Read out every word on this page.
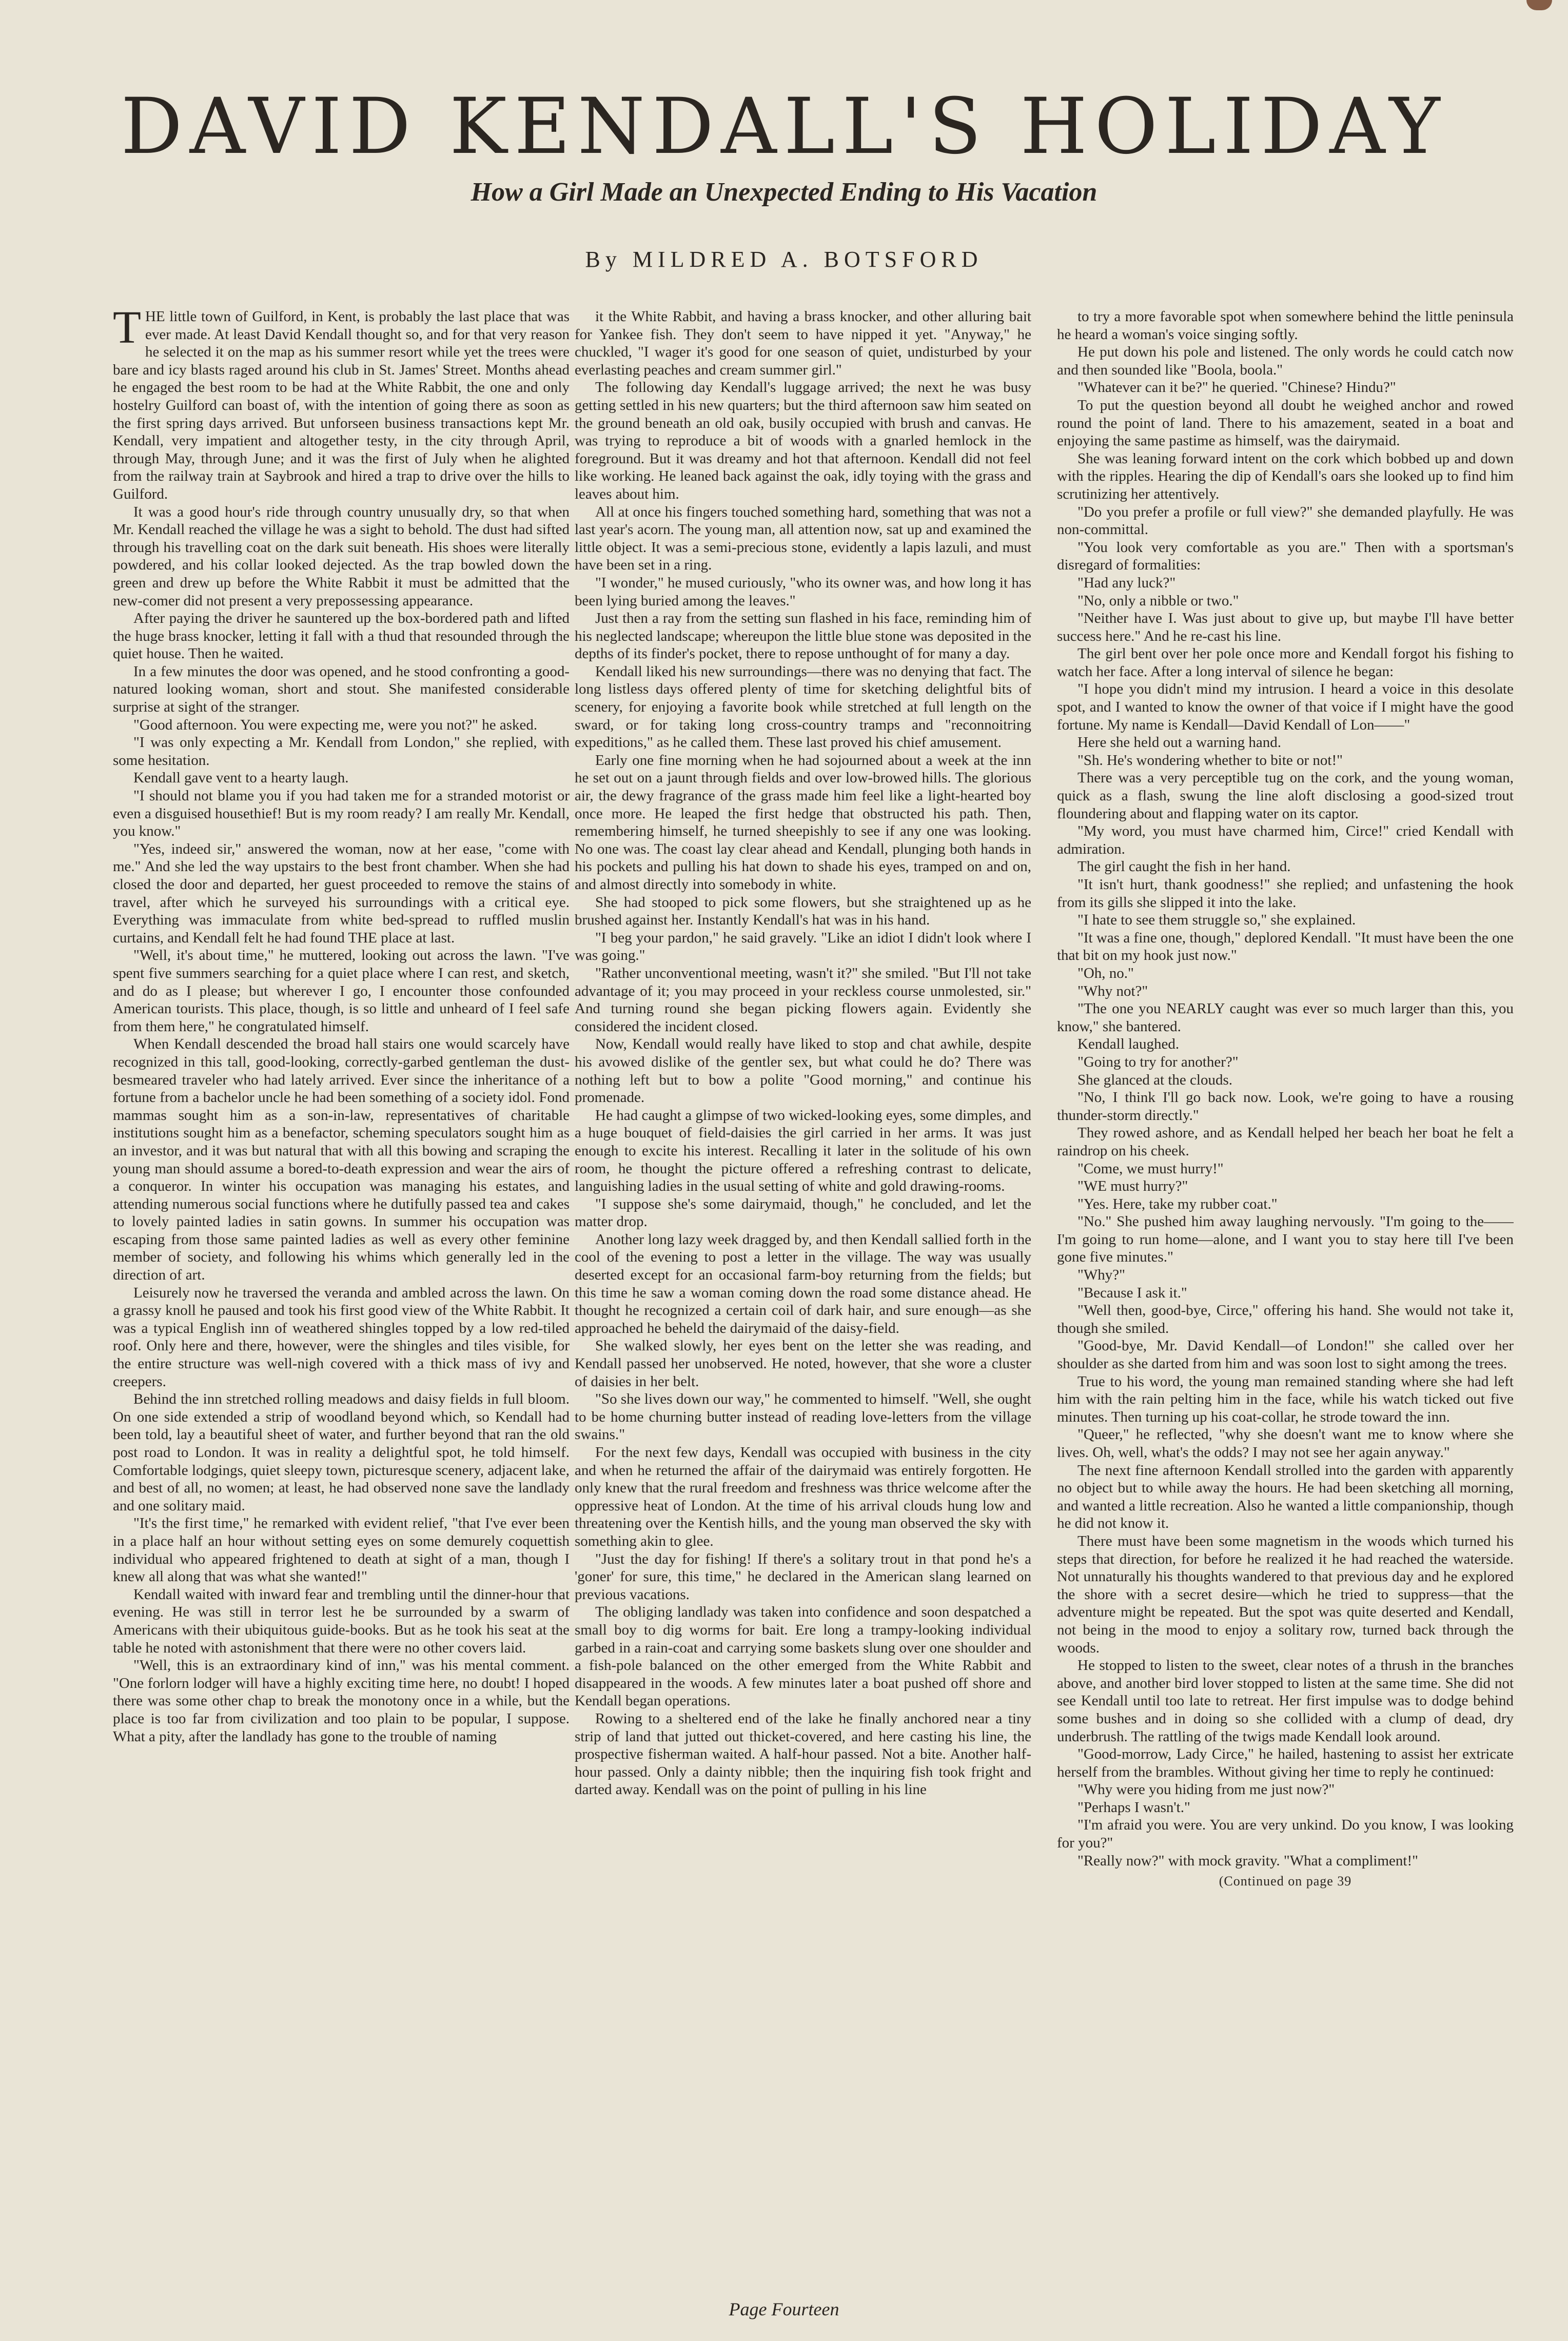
DAVID KENDALL'S HOLIDAY
How a Girl Made an Unexpected Ending to His Vacation
By MILDRED A. BOTSFORD
T HE little town of Guilford, in Kent, is probably the last place that was ever made. At least David Kendall thought so, and for that very reason he selected it on the map as his summer resort while yet the trees were bare and icy blasts raged around his club in St. James' Street. Months ahead he engaged the best room to be had at the White Rabbit, the one and only hostelry Guilford can boast of, with the intention of going there as soon as the first spring days arrived. But unforseen business transactions kept Mr. Kendall, very impatient and altogether testy, in the city through April, through May, through June; and it was the first of July when he alighted from the railway train at Saybrook and hired a trap to drive over the hills to Guilford.

It was a good hour's ride through country unusually dry, so that when Mr. Kendall reached the village he was a sight to behold. The dust had sifted through his travelling coat on the dark suit beneath. His shoes were literally powdered, and his collar looked dejected. As the trap bowled down the green and drew up before the White Rabbit it must be admitted that the new-comer did not present a very prepossessing appearance.

After paying the driver he sauntered up the box-bordered path and lifted the huge brass knocker, letting it fall with a thud that resounded through the quiet house. Then he waited.

In a few minutes the door was opened, and he stood confronting a good-natured looking woman, short and stout. She manifested considerable surprise at sight of the stranger.

"Good afternoon. You were expecting me, were you not?" he asked.

"I was only expecting a Mr. Kendall from London," she replied, with some hesitation.

Kendall gave vent to a hearty laugh.

"I should not blame you if you had taken me for a stranded motorist or even a disguised housethief! But is my room ready? I am really Mr. Kendall, you know."

"Yes, indeed sir," answered the woman, now at her ease, "come with me." And she led the way upstairs to the best front chamber. When she had closed the door and departed, her guest proceeded to remove the stains of travel, after which he surveyed his surroundings with a critical eye. Everything was immaculate from white bed-spread to ruffled muslin curtains, and Kendall felt he had found THE place at last.

"Well, it's about time," he muttered, looking out across the lawn. "I've spent five summers searching for a quiet place where I can rest, and sketch, and do as I please; but wherever I go, I encounter those confounded American tourists. This place, though, is so little and unheard of I feel safe from them here," he congratulated himself.

When Kendall descended the broad hall stairs one would scarcely have recognized in this tall, good-looking, correctly-garbed gentleman the dust-besmeared traveler who had lately arrived. Ever since the inheritance of a fortune from a bachelor uncle he had been something of a society idol. Fond mammas sought him as a son-in-law, representatives of charitable institutions sought him as a benefactor, scheming speculators sought him as an investor, and it was but natural that with all this bowing and scraping the young man should assume a bored-to-death expression and wear the airs of a conqueror. In winter his occupation was managing his estates, and attending numerous social functions where he dutifully passed tea and cakes to lovely painted ladies in satin gowns. In summer his occupation was escaping from those same painted ladies as well as every other feminine member of society, and following his whims which generally led in the direction of art.

Leisurely now he traversed the veranda and ambled across the lawn. On a grassy knoll he paused and took his first good view of the White Rabbit. It was a typical English inn of weathered shingles topped by a low red-tiled roof. Only here and there, however, were the shingles and tiles visible, for the entire structure was well-nigh covered with a thick mass of ivy and creepers.

Behind the inn stretched rolling meadows and daisy fields in full bloom. On one side extended a strip of woodland beyond which, so Kendall had been told, lay a beautiful sheet of water, and further beyond that ran the old post road to London. It was in reality a delightful spot, he told himself. Comfortable lodgings, quiet sleepy town, picturesque scenery, adjacent lake, and best of all, no women; at least, he had observed none save the landlady and one solitary maid.

"It's the first time," he remarked with evident relief, "that I've ever been in a place half an hour without setting eyes on some demurely coquettish individual who appeared frightened to death at sight of a man, though I knew all along that was what she wanted!"

Kendall waited with inward fear and trembling until the dinner-hour that evening. He was still in terror lest he be surrounded by a swarm of Americans with their ubiquitous guide-books. But as he took his seat at the table he noted with astonishment that there were no other covers laid.

"Well, this is an extraordinary kind of inn," was his mental comment. "One forlorn lodger will have a highly exciting time here, no doubt! I hoped there was some other chap to break the monotony once in a while, but the place is too far from civilization and too plain to be popular, I suppose. What a pity, after the landlady has gone to the trouble of naming

it the White Rabbit, and having a brass knocker, and other alluring bait for Yankee fish. They don't seem to have nipped it yet. "Anyway," he chuckled, "I wager it's good for one season of quiet, undisturbed by your everlasting peaches and cream summer girl."

The following day Kendall's luggage arrived; the next he was busy getting settled in his new quarters; but the third afternoon saw him seated on the ground beneath an old oak, busily occupied with brush and canvas. He was trying to reproduce a bit of woods with a gnarled hemlock in the foreground. But it was dreamy and hot that afternoon. Kendall did not feel like working. He leaned back against the oak, idly toying with the grass and leaves about him.

All at once his fingers touched something hard, something that was not a last year's acorn. The young man, all attention now, sat up and examined the little object. It was a semi-precious stone, evidently a lapis lazuli, and must have been set in a ring.

"I wonder," he mused curiously, "who its owner was, and how long it has been lying buried among the leaves."

Just then a ray from the setting sun flashed in his face, reminding him of his neglected landscape; whereupon the little blue stone was deposited in the depths of its finder's pocket, there to repose unthought of for many a day.

Kendall liked his new surroundings—there was no denying that fact. The long listless days offered plenty of time for sketching delightful bits of scenery, for enjoying a favorite book while stretched at full length on the sward, or for taking long cross-country tramps and "reconnoitring expeditions," as he called them. These last proved his chief amusement.

Early one fine morning when he had sojourned about a week at the inn he set out on a jaunt through fields and over low-browed hills. The glorious air, the dewy fragrance of the grass made him feel like a light-hearted boy once more. He leaped the first hedge that obstructed his path. Then, remembering himself, he turned sheepishly to see if any one was looking. No one was. The coast lay clear ahead and Kendall, plunging both hands in his pockets and pulling his hat down to shade his eyes, tramped on and on, and almost directly into somebody in white.

She had stooped to pick some flowers, but she straightened up as he brushed against her. Instantly Kendall's hat was in his hand.

"I beg your pardon," he said gravely. "Like an idiot I didn't look where I was going."

"Rather unconventional meeting, wasn't it?" she smiled. "But I'll not take advantage of it; you may proceed in your reckless course unmolested, sir." And turning round she began picking flowers again. Evidently she considered the incident closed.

Now, Kendall would really have liked to stop and chat awhile, despite his avowed dislike of the gentler sex, but what could he do? There was nothing left but to bow a polite "Good morning," and continue his promenade.

He had caught a glimpse of two wicked-looking eyes, some dimples, and a huge bouquet of field-daisies the girl carried in her arms. It was just enough to excite his interest. Recalling it later in the solitude of his own room, he thought the picture offered a refreshing contrast to delicate, languishing ladies in the usual setting of white and gold drawing-rooms.

"I suppose she's some dairymaid, though," he concluded, and let the matter drop.

Another long lazy week dragged by, and then Kendall sallied forth in the cool of the evening to post a letter in the village. The way was usually deserted except for an occasional farm-boy returning from the fields; but this time he saw a woman coming down the road some distance ahead. He thought he recognized a certain coil of dark hair, and sure enough—as she approached he beheld the dairymaid of the daisy-field.

She walked slowly, her eyes bent on the letter she was reading, and Kendall passed her unobserved. He noted, however, that she wore a cluster of daisies in her belt.

"So she lives down our way," he commented to himself. "Well, she ought to be home churning butter instead of reading love-letters from the village swains."

For the next few days, Kendall was occupied with business in the city and when he returned the affair of the dairymaid was entirely forgotten. He only knew that the rural freedom and freshness was thrice welcome after the oppressive heat of London. At the time of his arrival clouds hung low and threatening over the Kentish hills, and the young man observed the sky with something akin to glee.

"Just the day for fishing! If there's a solitary trout in that pond he's a 'goner' for sure, this time," he declared in the American slang learned on previous vacations.

The obliging landlady was taken into confidence and soon despatched a small boy to dig worms for bait. Ere long a trampy-looking individual garbed in a rain-coat and carrying some baskets slung over one shoulder and a fish-pole balanced on the other emerged from the White Rabbit and disappeared in the woods. A few minutes later a boat pushed off shore and Kendall began operations.

Rowing to a sheltered end of the lake he finally anchored near a tiny strip of land that jutted out thicket-covered, and here casting his line, the prospective fisherman waited. A half-hour passed. Not a bite. Another half-hour passed. Only a dainty nibble; then the inquiring fish took fright and darted away. Kendall was on the point of pulling in his line

to try a more favorable spot when somewhere behind the little peninsula he heard a woman's voice singing softly.

He put down his pole and listened. The only words he could catch now and then sounded like "Boola, boola."

"Whatever can it be?" he queried. "Chinese? Hindu?"

To put the question beyond all doubt he weighed anchor and rowed round the point of land. There to his amazement, seated in a boat and enjoying the same pastime as himself, was the dairymaid.

She was leaning forward intent on the cork which bobbed up and down with the ripples. Hearing the dip of Kendall's oars she looked up to find him scrutinizing her attentively.

"Do you prefer a profile or full view?" she demanded playfully. He was non-committal.

"You look very comfortable as you are." Then with a sportsman's disregard of formalities:

"Had any luck?"

"No, only a nibble or two."

"Neither have I. Was just about to give up, but maybe I'll have better success here." And he re-cast his line.

The girl bent over her pole once more and Kendall forgot his fishing to watch her face. After a long interval of silence he began:

"I hope you didn't mind my intrusion. I heard a voice in this desolate spot, and I wanted to know the owner of that voice if I might have the good fortune. My name is Kendall—David Kendall of Lon——"

Here she held out a warning hand.

"Sh. He's wondering whether to bite or not!"

There was a very perceptible tug on the cork, and the young woman, quick as a flash, swung the line aloft disclosing a good-sized trout floundering about and flapping water on its captor.

"My word, you must have charmed him, Circe!" cried Kendall with admiration.

The girl caught the fish in her hand.

"It isn't hurt, thank goodness!" she replied; and unfastening the hook from its gills she slipped it into the lake.

"I hate to see them struggle so," she explained.

"It was a fine one, though," deplored Kendall. "It must have been the one that bit on my hook just now."

"Oh, no."

"Why not?"

"The one you NEARLY caught was ever so much larger than this, you know," she bantered.

Kendall laughed.

"Going to try for another?"

She glanced at the clouds.

"No, I think I'll go back now. Look, we're going to have a rousing thunder-storm directly."

They rowed ashore, and as Kendall helped her beach her boat he felt a raindrop on his cheek.

"Come, we must hurry!"

"WE must hurry?"

"Yes. Here, take my rubber coat."

"No." She pushed him away laughing nervously. "I'm going to the——I'm going to run home—alone, and I want you to stay here till I've been gone five minutes."

"Why?"

"Because I ask it."

"Well then, good-bye, Circe," offering his hand. She would not take it, though she smiled.

"Good-bye, Mr. David Kendall—of London!" she called over her shoulder as she darted from him and was soon lost to sight among the trees.

True to his word, the young man remained standing where she had left him with the rain pelting him in the face, while his watch ticked out five minutes. Then turning up his coat-collar, he strode toward the inn.

"Queer," he reflected, "why she doesn't want me to know where she lives. Oh, well, what's the odds? I may not see her again anyway."

The next fine afternoon Kendall strolled into the garden with apparently no object but to while away the hours. He had been sketching all morning, and wanted a little recreation. Also he wanted a little companionship, though he did not know it.

There must have been some magnetism in the woods which turned his steps that direction, for before he realized it he had reached the waterside. Not unnaturally his thoughts wandered to that previous day and he explored the shore with a secret desire—which he tried to suppress—that the adventure might be repeated. But the spot was quite deserted and Kendall, not being in the mood to enjoy a solitary row, turned back through the woods.

He stopped to listen to the sweet, clear notes of a thrush in the branches above, and another bird lover stopped to listen at the same time. She did not see Kendall until too late to retreat. Her first impulse was to dodge behind some bushes and in doing so she collided with a clump of dead, dry underbrush. The rattling of the twigs made Kendall look around.

"Good-morrow, Lady Circe," he hailed, hastening to assist her extricate herself from the brambles. Without giving her time to reply he continued:

"Why were you hiding from me just now?"

"Perhaps I wasn't."

"I'm afraid you were. You are very unkind. Do you know, I was looking for you?"

"Really now?" with mock gravity. "What a compliment!"

(Continued on page 39
Page Fourteen
